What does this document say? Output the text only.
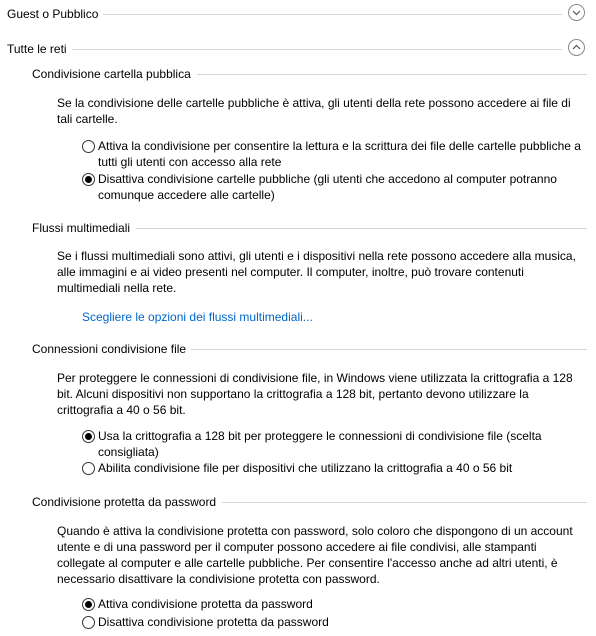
Guest o Pubblico
Tutte le reti
Condivisione cartella pubblica
Se la condivisione delle cartelle pubbliche è attiva, gli utenti della rete possono accedere ai file di tali cartelle.
Attiva la condivisione per consentire la lettura e la scrittura dei file delle cartelle pubbliche a tutti gli utenti con accesso alla rete
Disattiva condivisione cartelle pubbliche (gli utenti che accedono al computer potranno comunque accedere alle cartelle)
Flussi multimediali
Se i flussi multimediali sono attivi, gli utenti e i dispositivi nella rete possono accedere alla musica, alle immagini e ai video presenti nel computer. Il computer, inoltre, può trovare contenuti multimediali nella rete.
Scegliere le opzioni dei flussi multimediali...
Connessioni condivisione file
Per proteggere le connessioni di condivisione file, in Windows viene utilizzata la crittografia a 128 bit. Alcuni dispositivi non supportano la crittografia a 128 bit, pertanto devono utilizzare la crittografia a 40 o 56 bit.
Usa la crittografia a 128 bit per proteggere le connessioni di condivisione file (scelta consigliata)
Abilita condivisione file per dispositivi che utilizzano la crittografia a 40 o 56 bit
Condivisione protetta da password
Quando è attiva la condivisione protetta con password, solo coloro che dispongono di un account utente e di una password per il computer possono accedere ai file condivisi, alle stampanti collegate al computer e alle cartelle pubbliche. Per consentire l'accesso anche ad altri utenti, è necessario disattivare la condivisione protetta con password.
Attiva condivisione protetta da password
Disattiva condivisione protetta da password
